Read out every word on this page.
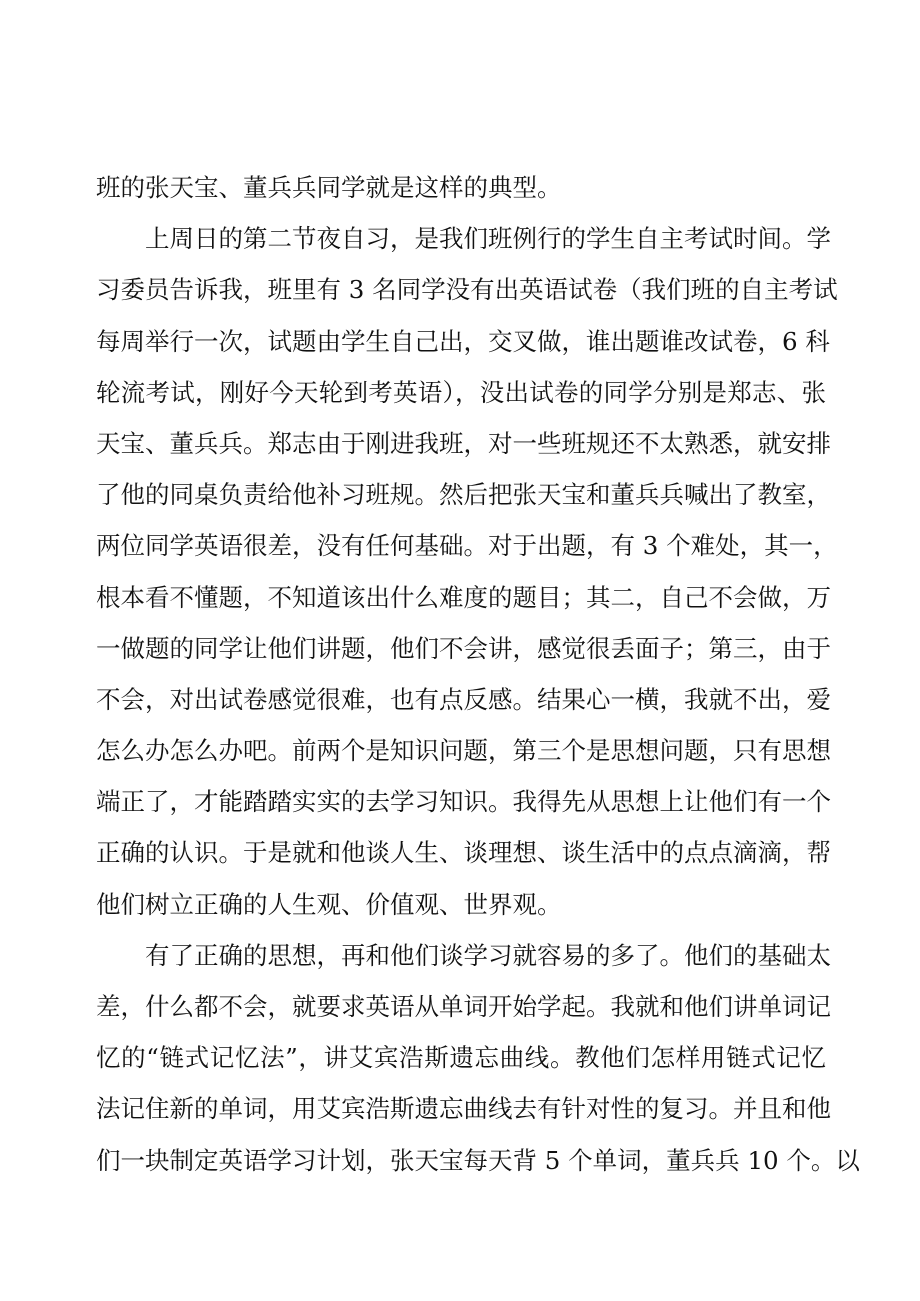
班的张天宝、董兵兵同学就是这样的典型。
上周日的第二节夜自习，是我们班例行的学生自主考试时间。学
习委员告诉我，班里有 3 名同学没有出英语试卷（我们班的自主考试
每周举行一次，试题由学生自己出，交叉做，谁出题谁改试卷，6 科
轮流考试，刚好今天轮到考英语），没出试卷的同学分别是郑志、张
天宝、董兵兵。郑志由于刚进我班，对一些班规还不太熟悉，就安排
了他的同桌负责给他补习班规。然后把张天宝和董兵兵喊出了教室，
两位同学英语很差，没有任何基础。对于出题，有 3 个难处，其一，
根本看不懂题，不知道该出什么难度的题目；其二，自己不会做，万
一做题的同学让他们讲题，他们不会讲，感觉很丢面子；第三，由于
不会，对出试卷感觉很难，也有点反感。结果心一横，我就不出，爱
怎么办怎么办吧。前两个是知识问题，第三个是思想问题，只有思想
端正了，才能踏踏实实的去学习知识。我得先从思想上让他们有一个
正确的认识。于是就和他谈人生、谈理想、谈生活中的点点滴滴，帮
他们树立正确的人生观、价值观、世界观。
有了正确的思想，再和他们谈学习就容易的多了。他们的基础太
差，什么都不会，就要求英语从单词开始学起。我就和他们讲单词记
忆的“链式记忆法”，讲艾宾浩斯遗忘曲线。教他们怎样用链式记忆
法记住新的单词，用艾宾浩斯遗忘曲线去有针对性的复习。并且和他
们一块制定英语学习计划，张天宝每天背 5 个单词，董兵兵 10 个。以
